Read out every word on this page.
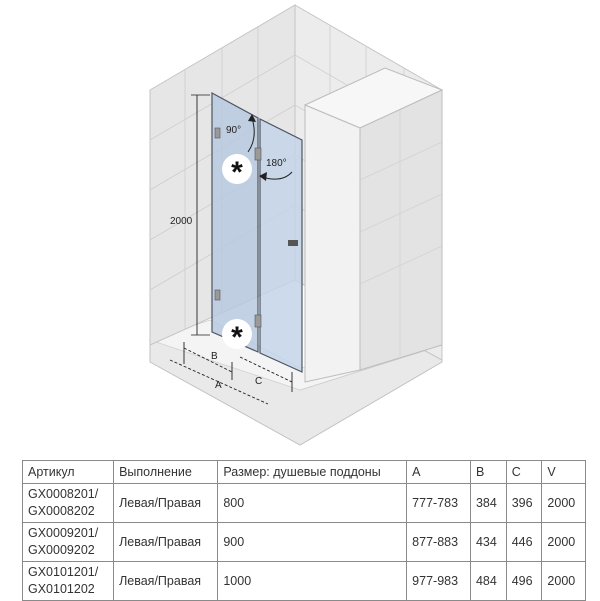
2000
90°
180°
*
*
B
C
A
Артикул	Выполнение	Размер: душевые поддоны	A	B	C	V

GX0008201/
GX0008202	Левая/Правая	800	777-783	384	396	2000

GX0009201/
GX0009202	Левая/Правая	900	877-883	434	446	2000

GX0101201/
GX0101202	Левая/Правая	1000	977-983	484	496	2000
